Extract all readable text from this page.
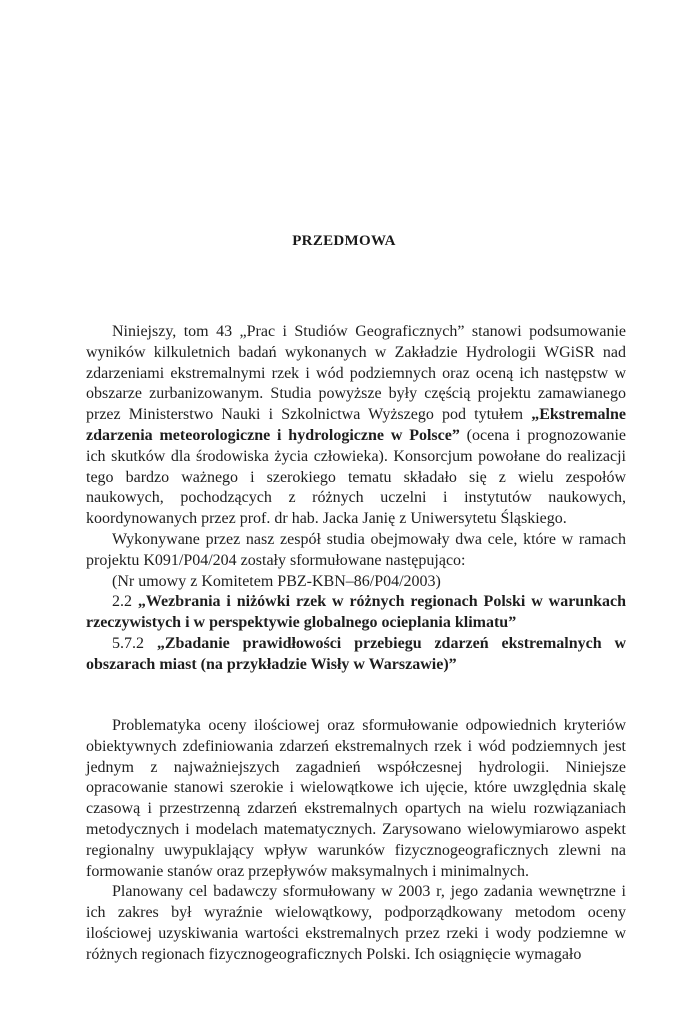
PRZEDMOWA

Niniejszy, tom 43 „Prac i Studiów Geograficznych” stanowi podsumowanie wyników kilkuletnich badań wykonanych w Zakładzie Hydrologii WGiSR nad zdarzeniami ekstremalnymi rzek i wód podziemnych oraz oceną ich następstw w obszarze zurbanizowanym. Studia powyższe były częścią projektu zamawianego przez Ministerstwo Nauki i Szkolnictwa Wyższego pod tytułem „Ekstremalne zdarzenia meteorologiczne i hydrologiczne w Polsce” (ocena i prognozowanie ich skutków dla środowiska życia człowieka). Konsorcjum powołane do realizacji tego bardzo ważnego i szerokiego tematu składało się z wielu zespołów naukowych, pochodzących z różnych uczelni i instytutów naukowych, koordynowanych przez prof. dr hab. Jacka Janię z Uniwersytetu Śląskiego.

Wykonywane przez nasz zespół studia obejmowały dwa cele, które w ramach projektu K091/P04/204 zostały sformułowane następująco:

(Nr umowy z Komitetem PBZ-KBN–86/P04/2003)

2.2 „Wezbrania i niżówki rzek w różnych regionach Polski w warunkach rzeczywistych i w perspektywie globalnego ocieplania klimatu”

5.7.2 „Zbadanie prawidłowości przebiegu zdarzeń ekstremalnych w obszarach miast (na przykładzie Wisły w Warszawie)”

Problematyka oceny ilościowej oraz sformułowanie odpowiednich kryteriów obiektywnych zdefiniowania zdarzeń ekstremalnych rzek i wód podziemnych jest jednym z najważniejszych zagadnień współczesnej hydrologii. Niniejsze opracowanie stanowi szerokie i wielowątkowe ich ujęcie, które uwzględnia skalę czasową i przestrzenną zdarzeń ekstremalnych opartych na wielu rozwiązaniach metodycznych i modelach matematycznych. Zarysowano wielowymiarowo aspekt regionalny uwypuklający wpływ warunków fizycznogeograficznych zlewni na formowanie stanów oraz przepływów maksymalnych i minimalnych.

Planowany cel badawczy sformułowany w 2003 r, jego zadania wewnętrzne i ich zakres był wyraźnie wielowątkowy, podporządkowany metodom oceny ilościowej uzyskiwania wartości ekstremalnych przez rzeki i wody podziemne w różnych regionach fizycznogeograficznych Polski. Ich osiągnięcie wymagało
